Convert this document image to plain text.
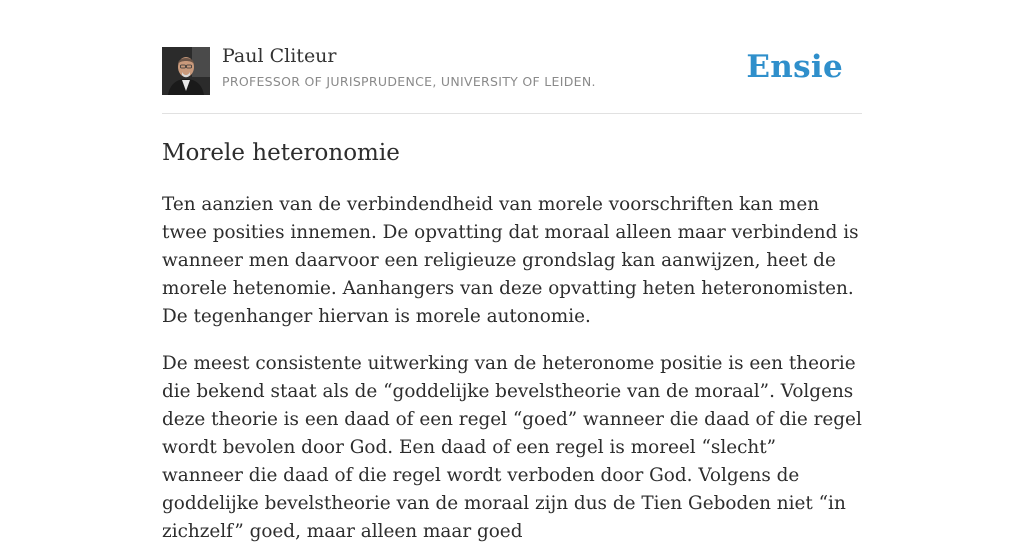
Paul Cliteur
PROFESSOR OF JURISPRUDENCE, UNIVERSITY OF LEIDEN.	Ensie
Morele heteronomie

Ten aanzien van de verbindendheid van morele voorschriften kan men twee posities innemen. De opvatting dat moraal alleen maar verbindend is wanneer men daarvoor een religieuze grondslag kan aanwijzen, heet de morele hetenomie. Aanhangers van deze opvatting heten heteronomisten. De tegenhanger hiervan is morele autonomie.

De meest consistente uitwerking van de heteronome positie is een theorie die bekend staat als de “goddelijke bevelstheorie van de moraal”. Volgens deze theorie is een daad of een regel “goed” wanneer die daad of die regel wordt bevolen door God. Een daad of een regel is moreel “slecht” wanneer die daad of die regel wordt verboden door God. Volgens de goddelijke bevelstheorie van de moraal zijn dus de Tien Geboden niet “in zichzelf” goed, maar alleen maar goed
